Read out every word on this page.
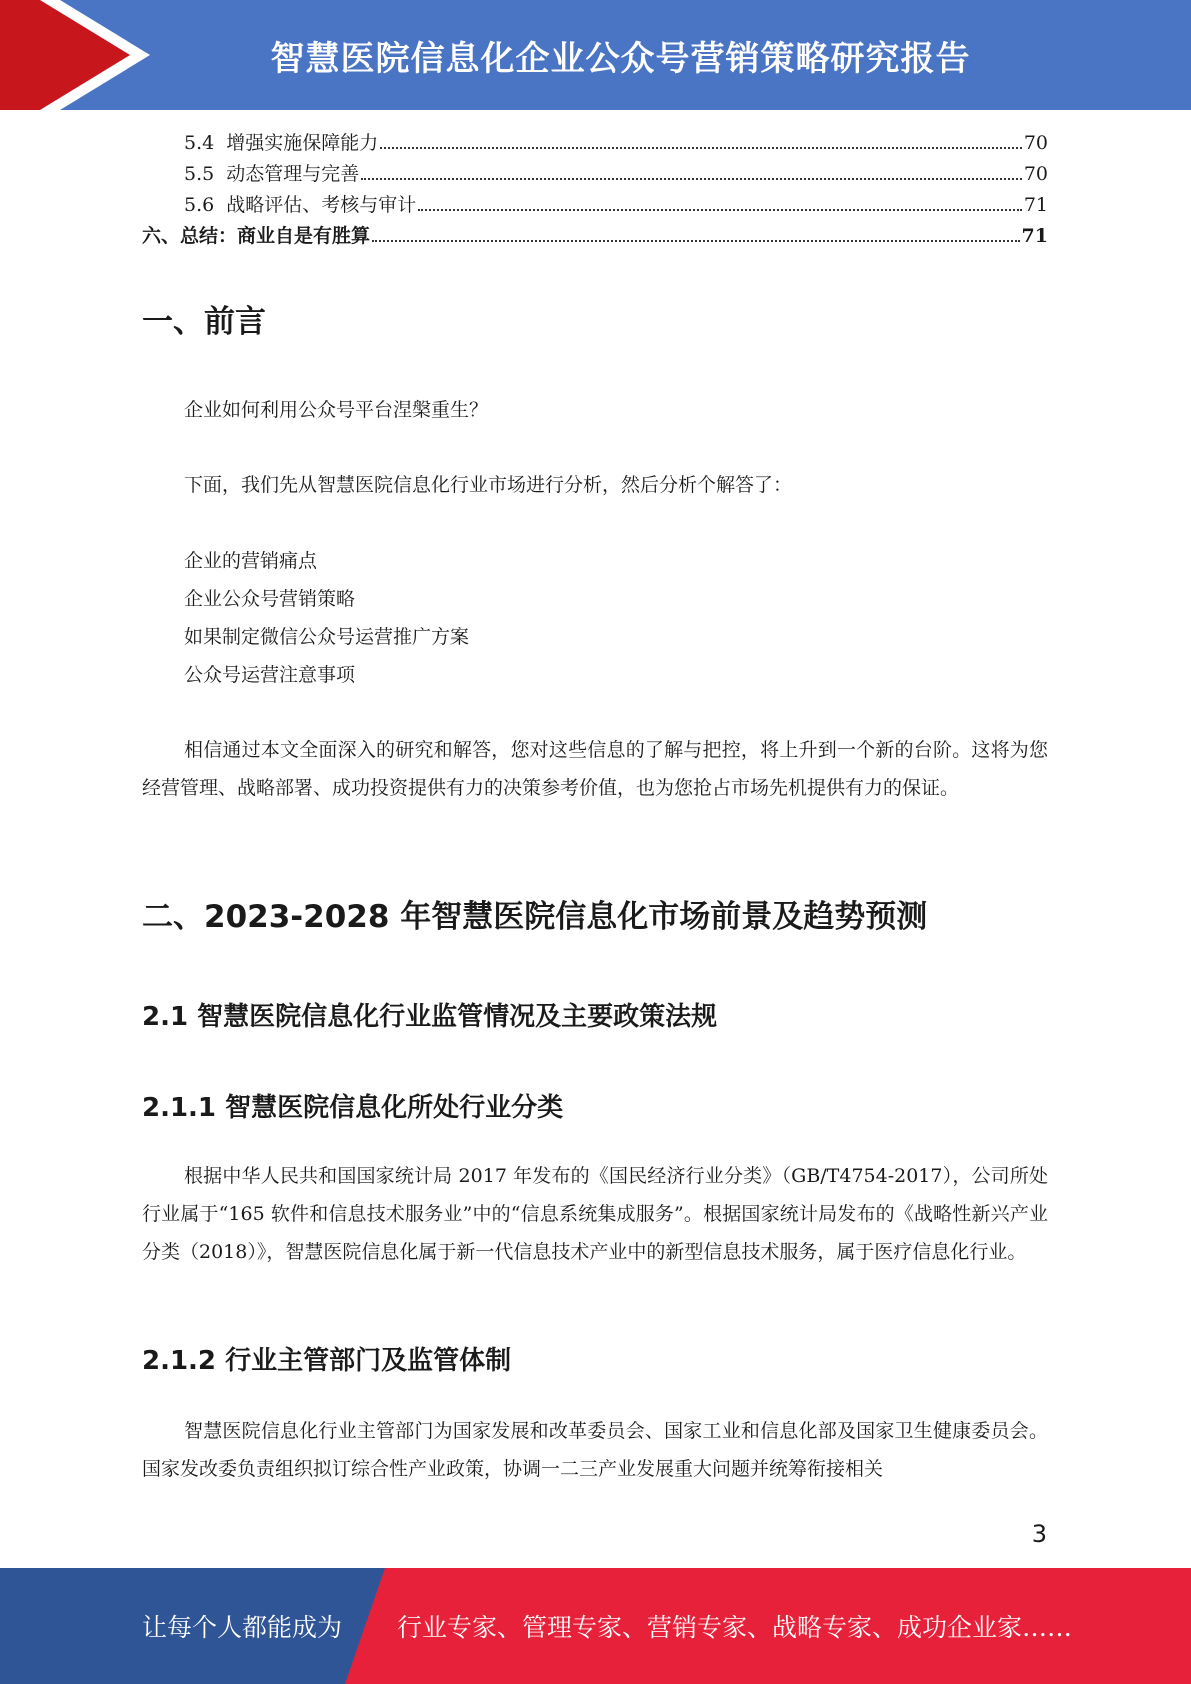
智慧医院信息化企业公众号营销策略研究报告
5.4 增强实施保障能力	70
5.5 动态管理与完善	70
5.6 战略评估、考核与审计	71
六、总结：商业自是有胜算	71
一、前言
企业如何利用公众号平台涅槃重生？
下面，我们先从智慧医院信息化行业市场进行分析，然后分析个解答了：
企业的营销痛点
企业公众号营销策略
如果制定微信公众号运营推广方案
公众号运营注意事项
相信通过本文全面深入的研究和解答，您对这些信息的了解与把控，将上升到一个新的台阶。这将为您经营管理、战略部署、成功投资提供有力的决策参考价值，也为您抢占市场先机提供有力的保证。
二、2023-2028 年智慧医院信息化市场前景及趋势预测
2.1 智慧医院信息化行业监管情况及主要政策法规
2.1.1 智慧医院信息化所处行业分类
根据中华人民共和国国家统计局 2017 年发布的《国民经济行业分类》（GB/T4754-2017），公司所处行业属于“165 软件和信息技术服务业”中的“信息系统集成服务”。根据国家统计局发布的《战略性新兴产业分类（2018）》，智慧医院信息化属于新一代信息技术产业中的新型信息技术服务，属于医疗信息化行业。
2.1.2 行业主管部门及监管体制
智慧医院信息化行业主管部门为国家发展和改革委员会、国家工业和信息化部及国家卫生健康委员会。国家发改委负责组织拟订综合性产业政策，协调一二三产业发展重大问题并统筹衔接相关
3
让每个人都能成为 行业专家、管理专家、营销专家、战略专家、成功企业家……
